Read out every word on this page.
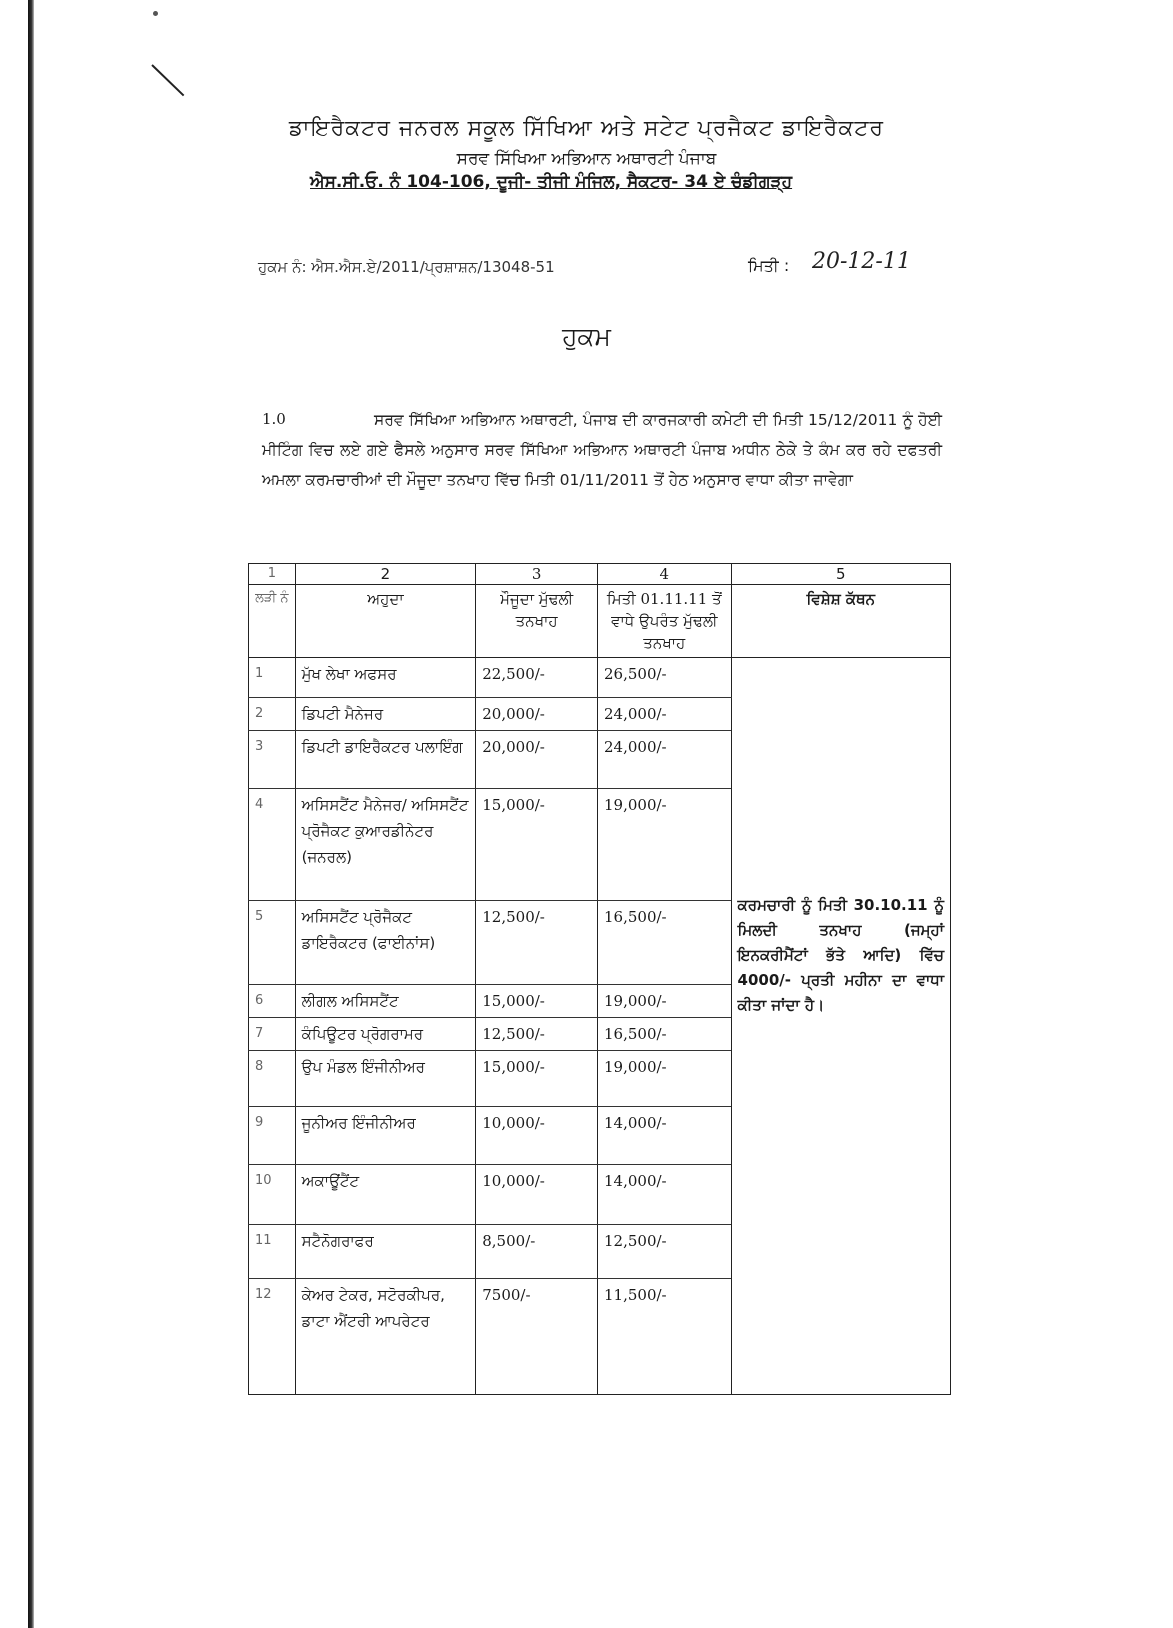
ਡਾਇਰੈਕਟਰ ਜਨਰਲ ਸਕੂਲ ਸਿੱਖਿਆ ਅਤੇ ਸਟੇਟ ਪ੍ਰਜੈਕਟ ਡਾਇਰੈਕਟਰ
ਸਰਵ ਸਿੱਖਿਆ ਅਭਿਆਨ ਅਥਾਰਟੀ ਪੰਜਾਬ
ਐਸ.ਸੀ.ਓ. ਨੰ 104-106, ਦੂਜੀ- ਤੀਜੀ ਮੰਜਿਲ, ਸੈਕਟਰ- 34 ਏ ਚੰਡੀਗੜ੍ਹ
ਹੁਕਮ ਨੰ: ਐਸ.ਐਸ.ਏ/2011/ਪ੍ਰਸ਼ਾਸ਼ਨ/13048-51	ਮਿਤੀ : 20-12-11
ਹੁਕਮ
1.0	ਸਰਵ ਸਿੱਖਿਆ ਅਭਿਆਨ ਅਥਾਰਟੀ, ਪੰਜਾਬ ਦੀ ਕਾਰਜਕਾਰੀ ਕਮੇਟੀ ਦੀ ਮਿਤੀ 15/12/2011 ਨੂੰ ਹੋਈ ਮੀਟਿੰਗ ਵਿਚ ਲਏ ਗਏ ਫੈਸਲੇ ਅਨੁਸਾਰ ਸਰਵ ਸਿੱਖਿਆ ਅਭਿਆਨ ਅਥਾਰਟੀ ਪੰਜਾਬ ਅਧੀਨ ਠੇਕੇ ਤੇ ਕੰਮ ਕਰ ਰਹੇ ਦਫਤਰੀ ਅਮਲਾ ਕਰਮਚਾਰੀਆਂ ਦੀ ਮੌਜੂਦਾ ਤਨਖਾਹ ਵਿੱਚ ਮਿਤੀ 01/11/2011 ਤੋਂ ਹੇਠ ਅਨੁਸਾਰ ਵਾਧਾ ਕੀਤਾ ਜਾਵੇਗਾ
1	2	3	4	5
ਲੜੀ ਨੰ	ਅਹੁਦਾ	ਮੌਜੂਦਾ ਮੁੱਢਲੀ ਤਨਖਾਹ	ਮਿਤੀ 01.11.11 ਤੋਂ ਵਾਧੇ ਉਪਰੰਤ ਮੁੱਢਲੀ ਤਨਖਾਹ	ਵਿਸ਼ੇਸ਼ ਕੱਥਨ
1	ਮੁੱਖ ਲੇਖਾ ਅਫਸਰ	22,500/-	26,500/-	ਕਰਮਚਾਰੀ ਨੂੰ ਮਿਤੀ 30.10.11 ਨੂੰ ਮਿਲਦੀ ਤਨਖਾਹ (ਜਮ੍ਹਾਂ ਇਨਕਰੀਮੈਂਟਾਂ ਭੱਤੇ ਆਦਿ) ਵਿੱਚ 4000/- ਪ੍ਰਤੀ ਮਹੀਨਾ ਦਾ ਵਾਧਾ ਕੀਤਾ ਜਾਂਦਾ ਹੈ।

2	ਡਿਪਟੀ ਮੈਨੇਜਰ	20,000/-	24,000/-	
3	ਡਿਪਟੀ ਡਾਇਰੈਕਟਰ ਪਲਾਇੰਗ	20,000/-	24,000/-	
4	ਅਸਿਸਟੈਂਟ ਮੈਨੇਜਰ/ ਅਸਿਸਟੈਂਟ ਪ੍ਰੋਜੈਕਟ ਕੁਆਰਡੀਨੇਟਰ (ਜਨਰਲ)	15,000/-	19,000/-	
5	ਅਸਿਸਟੈਂਟ ਪ੍ਰੋਜੈਕਟ ਡਾਇਰੈਕਟਰ (ਫਾਈਨਾਂਸ)	12,500/-	16,500/-	
6	ਲੀਗਲ ਅਸਿਸਟੈਂਟ	15,000/-	19,000/-	
7	ਕੰਪਿਊਟਰ ਪ੍ਰੋਗਰਾਮਰ	12,500/-	16,500/-	
8	ਉਪ ਮੰਡਲ ਇੰਜੀਨੀਅਰ	15,000/-	19,000/-	
9	ਜੂਨੀਅਰ ਇੰਜੀਨੀਅਰ	10,000/-	14,000/-	
10	ਅਕਾਊਂਟੈਂਟ	10,000/-	14,000/-	
11	ਸਟੈਨੋਗਰਾਫਰ	8,500/-	12,500/-	
12	ਕੇਅਰ ਟੇਕਰ, ਸਟੋਰਕੀਪਰ, ਡਾਟਾ ਐਂਟਰੀ ਆਪਰੇਟਰ	7500/-	11,500/-	
